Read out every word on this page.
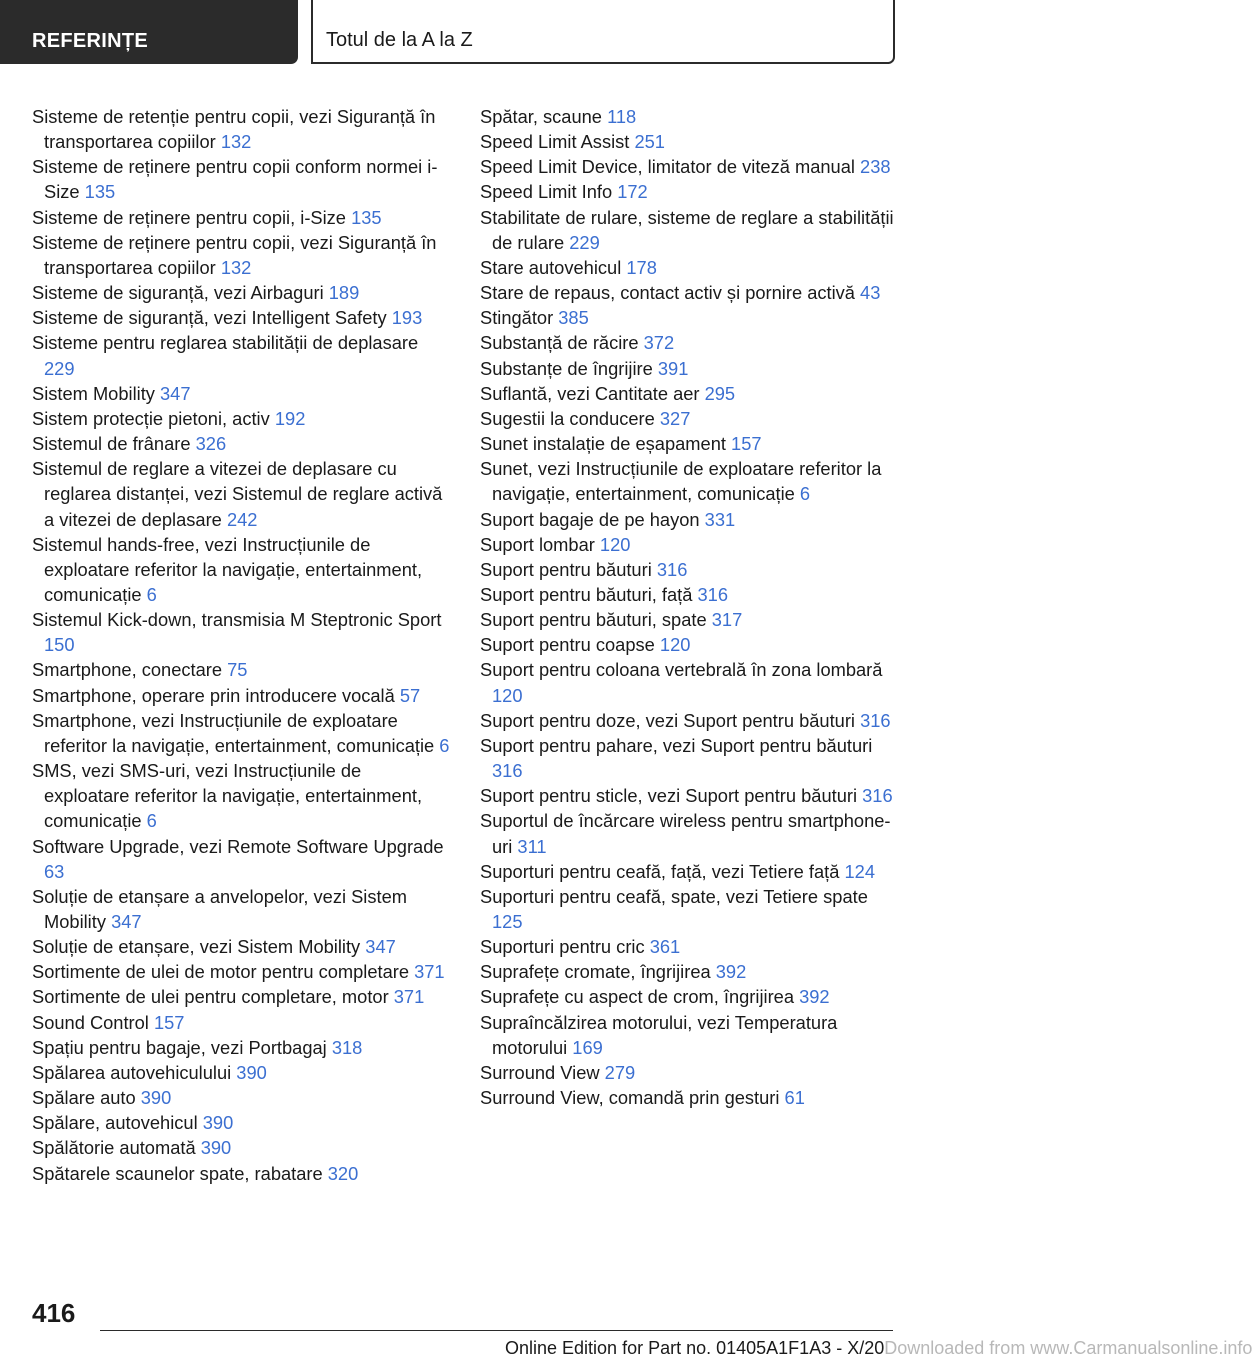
REFERINȚE	Totul de la A la Z
Sisteme de retenție pentru copii, vezi Siguranță în transportarea copiilor 132
Sisteme de reținere pentru copii conform normei i-Size 135
Sisteme de reținere pentru copii, i-Size 135
Sisteme de reținere pentru copii, vezi Siguranță în transportarea copiilor 132
Sisteme de siguranță, vezi Airbaguri 189
Sisteme de siguranță, vezi Intelligent Safety 193
Sisteme pentru reglarea stabilității de deplasare 229
Sistem Mobility 347
Sistem protecție pietoni, activ 192
Sistemul de frânare 326
Sistemul de reglare a vitezei de deplasare cu reglarea distanței, vezi Sistemul de reglare activă a vitezei de deplasare 242
Sistemul hands-free, vezi Instrucțiunile de exploatare referitor la navigație, entertainment, comunicație 6
Sistemul Kick-down, transmisia M Steptronic Sport 150
Smartphone, conectare 75
Smartphone, operare prin introducere vocală 57
Smartphone, vezi Instrucțiunile de exploatare referitor la navigație, entertainment, comunicație 6
SMS, vezi SMS-uri, vezi Instrucțiunile de exploatare referitor la navigație, entertainment, comunicație 6
Software Upgrade, vezi Remote Software Upgrade 63
Soluție de etanșare a anvelopelor, vezi Sistem Mobility 347
Soluție de etanșare, vezi Sistem Mobility 347
Sortimente de ulei de motor pentru completare 371
Sortimente de ulei pentru completare, motor 371
Sound Control 157
Spațiu pentru bagaje, vezi Portbagaj 318
Spălarea autovehiculului 390
Spălare auto 390
Spălare, autovehicul 390
Spălătorie automată 390
Spătarele scaunelor spate, rabatare 320
Spătar, scaune 118
Speed Limit Assist 251
Speed Limit Device, limitator de viteză manual 238
Speed Limit Info 172
Stabilitate de rulare, sisteme de reglare a stabilității de rulare 229
Stare autovehicul 178
Stare de repaus, contact activ și pornire activă 43
Stingător 385
Substanță de răcire 372
Substanțe de îngrijire 391
Suflantă, vezi Cantitate aer 295
Sugestii la conducere 327
Sunet instalație de eșapament 157
Sunet, vezi Instrucțiunile de exploatare referitor la navigație, entertainment, comunicație 6
Suport bagaje de pe hayon 331
Suport lombar 120
Suport pentru băuturi 316
Suport pentru băuturi, față 316
Suport pentru băuturi, spate 317
Suport pentru coapse 120
Suport pentru coloana vertebrală în zona lombară 120
Suport pentru doze, vezi Suport pentru băuturi 316
Suport pentru pahare, vezi Suport pentru băuturi 316
Suport pentru sticle, vezi Suport pentru băuturi 316
Suportul de încărcare wireless pentru smartphone-uri 311
Suporturi pentru ceafă, față, vezi Tetiere față 124
Suporturi pentru ceafă, spate, vezi Tetiere spate 125
Suporturi pentru cric 361
Suprafețe cromate, îngrijirea 392
Suprafețe cu aspect de crom, îngrijirea 392
Supraîncălzirea motorului, vezi Temperatura motorului 169
Surround View 279
Surround View, comandă prin gesturi 61
416
Online Edition for Part no. 01405A1F1A3 - X/20Downloaded from www.Carmanualsonline.info
